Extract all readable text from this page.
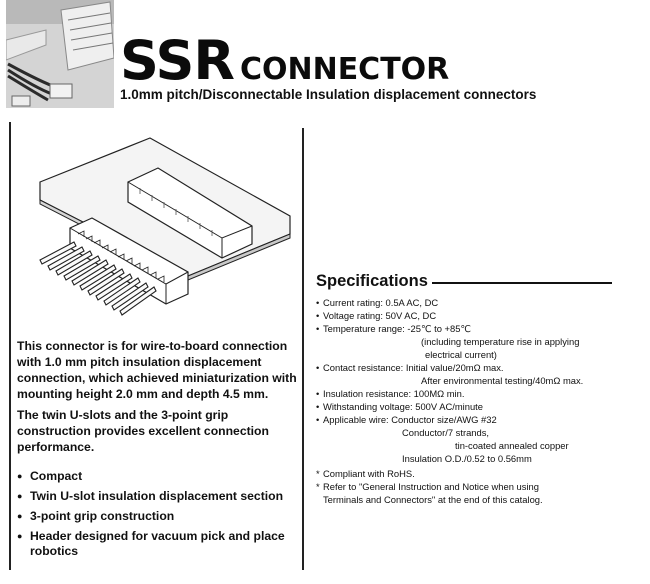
SSR CONNECTOR
1.0mm pitch/Disconnectable Insulation displacement connectors

This connector is for wire-to-board connection with 1.0 mm pitch insulation displacement connection, which achieved miniaturization with mounting height 2.0 mm and depth 4.5 mm.

The twin U-slots and the 3-point grip construction provides excellent connection performance.

● Compact
● Twin U-slot insulation displacement section
● 3-point grip construction
● Header designed for vacuum pick and place robotics
Specifications
• Current rating: 0.5A AC, DC
• Voltage rating: 50V AC, DC
• Temperature range: -25℃ to +85℃
(including temperature rise in applying
electrical current)
• Contact resistance: Initial value/20mΩ max.
After environmental testing/40mΩ max.
• Insulation resistance: 100MΩ min.
• Withstanding voltage: 500V AC/minute
• Applicable wire: Conductor size/AWG #32
Conductor/7 strands,
tin-coated annealed copper
Insulation O.D./0.52 to 0.56mm
* Compliant with RoHS.
* Refer to "General Instruction and Notice when using
Terminals and Connectors" at the end of this catalog.
